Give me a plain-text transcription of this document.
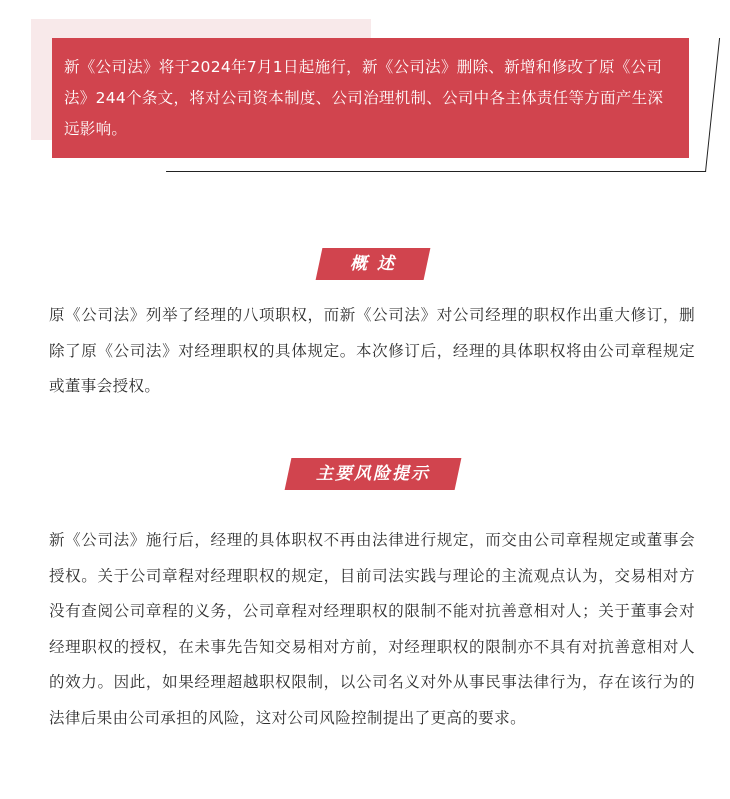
新《公司法》将于2024年7月1日起施行，新《公司法》删除、新增和修改了原《公司法》244个条文，将对公司资本制度、公司治理机制、公司中各主体责任等方面产生深远影响。

概 述

原《公司法》列举了经理的八项职权，而新《公司法》对公司经理的职权作出重大修订，删除了原《公司法》对经理职权的具体规定。本次修订后，经理的具体职权将由公司章程规定或董事会授权。

主要风险提示

新《公司法》施行后，经理的具体职权不再由法律进行规定，而交由公司章程规定或董事会授权。关于公司章程对经理职权的规定，目前司法实践与理论的主流观点认为，交易相对方没有查阅公司章程的义务，公司章程对经理职权的限制不能对抗善意相对人；关于董事会对经理职权的授权，在未事先告知交易相对方前，对经理职权的限制亦不具有对抗善意相对人的效力。因此，如果经理超越职权限制，以公司名义对外从事民事法律行为，存在该行为的法律后果由公司承担的风险，这对公司风险控制提出了更高的要求。
